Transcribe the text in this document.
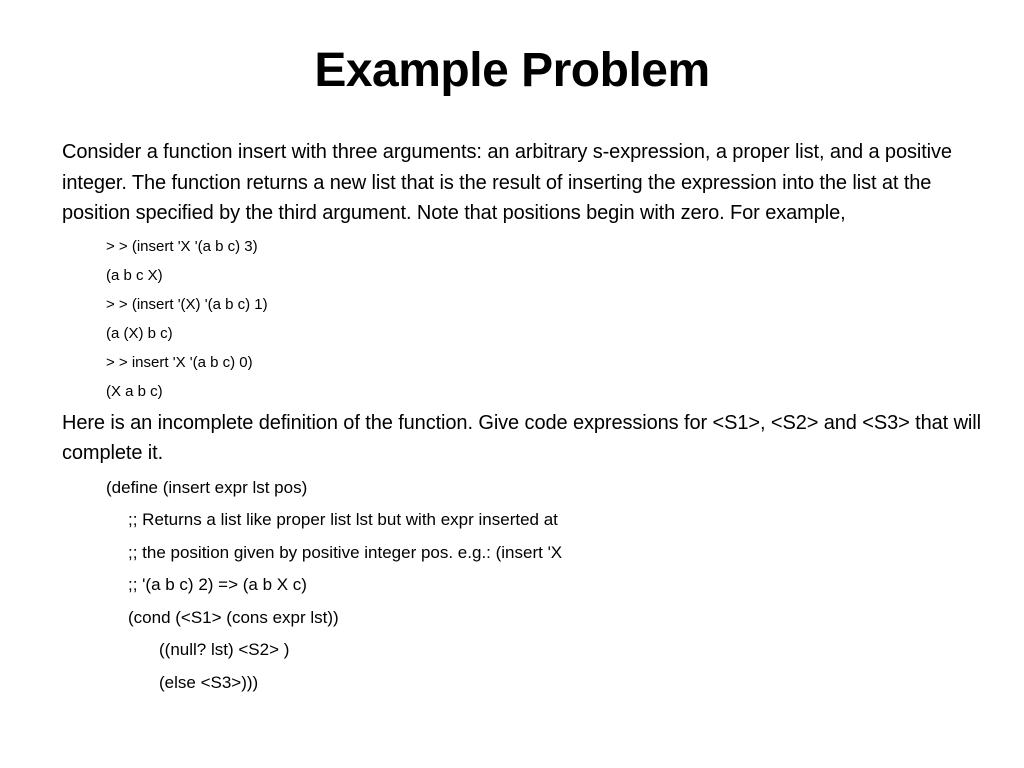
Example Problem

Consider a function insert with three arguments: an arbitrary s-expression, a proper list, and a positive integer. The function returns a new list that is the result of inserting the expression into the list at the position specified by the third argument. Note that positions begin with zero. For example,

> > (insert 'X '(a b c) 3)
(a b c X)
> > (insert '(X) '(a b c) 1)
(a (X) b c)
> > insert 'X '(a b c) 0)
(X a b c)

Here is an incomplete definition of the function. Give code expressions for <S1>, <S2> and <S3> that will complete it.

(define (insert expr lst pos)
;; Returns a list like proper list lst but with expr inserted at
;; the position given by positive integer pos. e.g.: (insert 'X
;; '(a b c) 2) => (a b X c)
(cond (<S1> (cons expr lst))
((null? lst) <S2> )
(else <S3>)))
